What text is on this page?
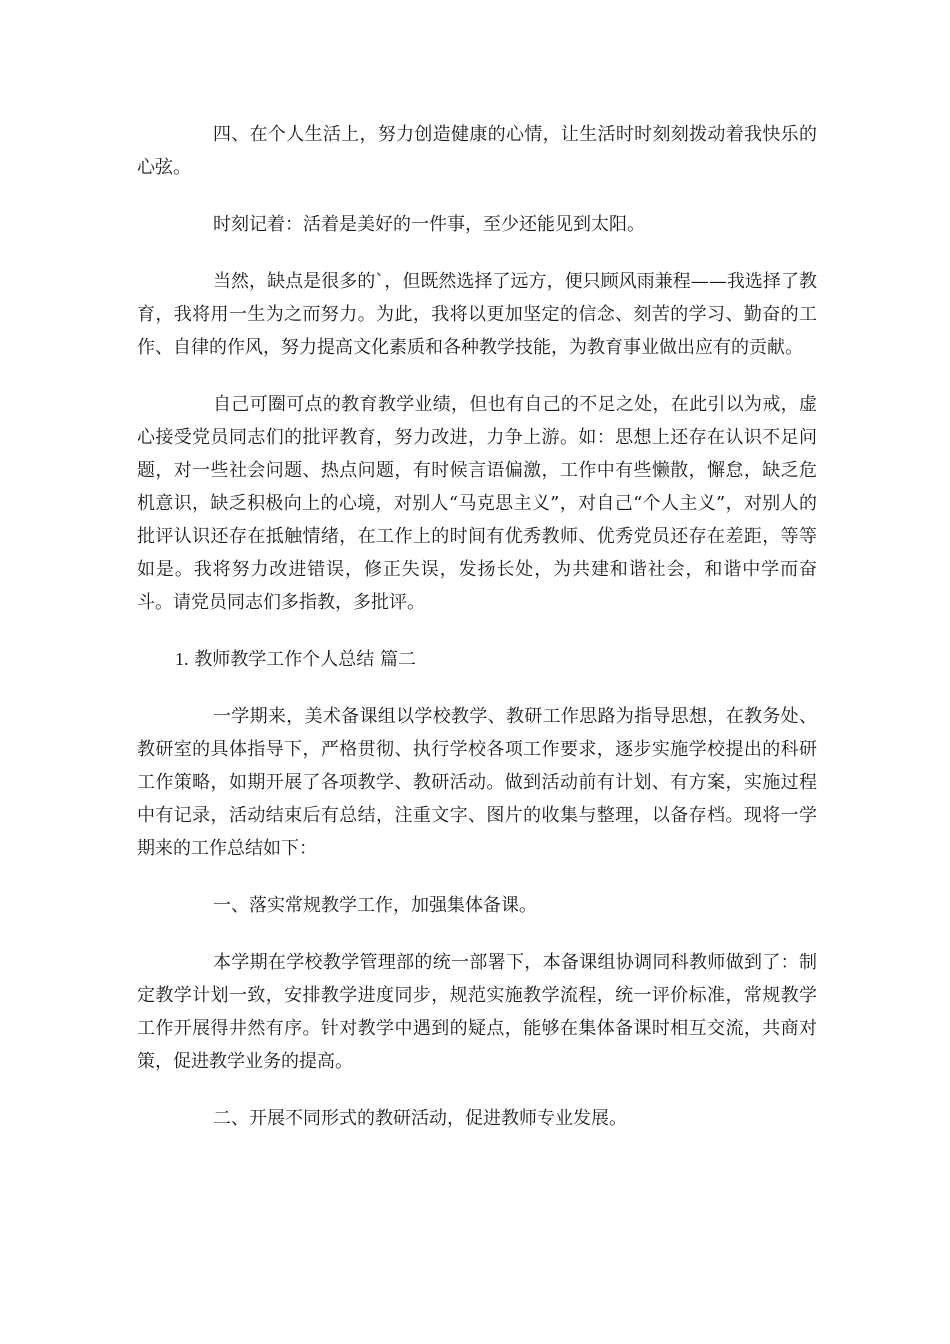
四、在个人生活上，努力创造健康的心情，让生活时时刻刻拨动着我快乐的心弦。

时刻记着：活着是美好的一件事，至少还能见到太阳。

当然，缺点是很多的`，但既然选择了远方，便只顾风雨兼程——我选择了教育，我将用一生为之而努力。为此，我将以更加坚定的信念、刻苦的学习、勤奋的工作、自律的作风，努力提高文化素质和各种教学技能，为教育事业做出应有的贡献。

自己可圈可点的教育教学业绩，但也有自己的不足之处，在此引以为戒，虚心接受党员同志们的批评教育，努力改进，力争上游。如：思想上还存在认识不足问题，对一些社会问题、热点问题，有时候言语偏激，工作中有些懒散，懈怠，缺乏危机意识，缺乏积极向上的心境，对别人“马克思主义”，对自己“个人主义”，对别人的批评认识还存在抵触情绪，在工作上的时间有优秀教师、优秀党员还存在差距，等等如是。我将努力改进错误，修正失误，发扬长处，为共建和谐社会，和谐中学而奋斗。请党员同志们多指教，多批评。

1. 教师教学工作个人总结 篇二

一学期来，美术备课组以学校教学、教研工作思路为指导思想，在教务处、教研室的具体指导下，严格贯彻、执行学校各项工作要求，逐步实施学校提出的科研工作策略，如期开展了各项教学、教研活动。做到活动前有计划、有方案，实施过程中有记录，活动结束后有总结，注重文字、图片的收集与整理，以备存档。现将一学期来的工作总结如下：

一、落实常规教学工作，加强集体备课。

本学期在学校教学管理部的统一部署下，本备课组协调同科教师做到了：制定教学计划一致，安排教学进度同步，规范实施教学流程，统一评价标准，常规教学工作开展得井然有序。针对教学中遇到的疑点，能够在集体备课时相互交流，共商对策，促进教学业务的提高。

二、开展不同形式的教研活动，促进教师专业发展。
